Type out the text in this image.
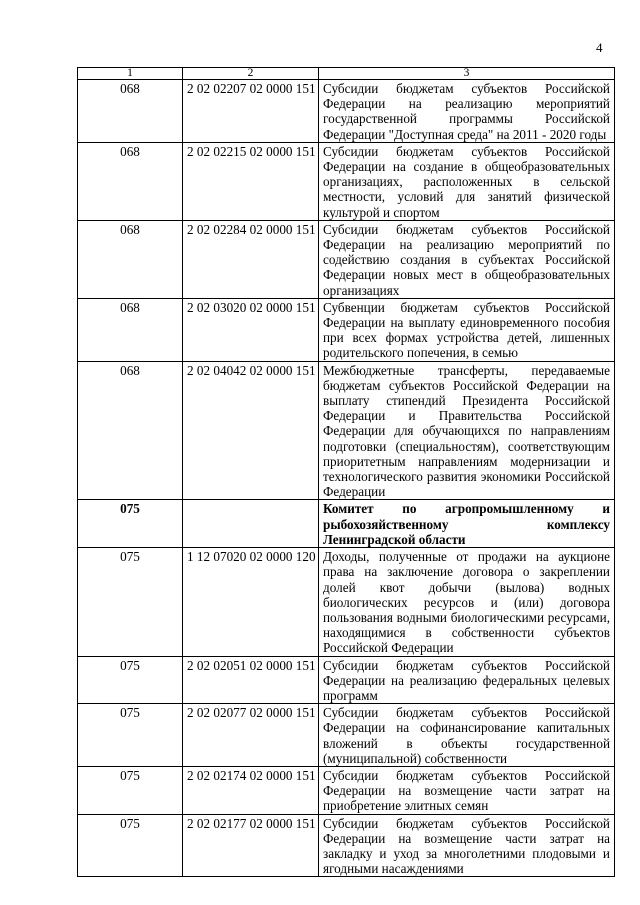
4
1	2	3
068	2 02 02207 02 0000 151	Субсидии бюджетам субъектов Российской Федерации на реализацию мероприятий государственной программы Российской Федерации "Доступная среда" на 2011 - 2020 годы
068	2 02 02215 02 0000 151	Субсидии бюджетам субъектов Российской Федерации на создание в общеобразовательных организациях, расположенных в сельской местности, условий для занятий физической культурой и спортом
068	2 02 02284 02 0000 151	Субсидии бюджетам субъектов Российской Федерации на реализацию мероприятий по содействию создания в субъектах Российской Федерации новых мест в общеобразовательных организациях
068	2 02 03020 02 0000 151	Субвенции бюджетам субъектов Российской Федерации на выплату единовременного пособия при всех формах устройства детей, лишенных родительского попечения, в семью
068	2 02 04042 02 0000 151	Межбюджетные трансферты, передаваемые бюджетам субъектов Российской Федерации на выплату стипендий Президента Российской Федерации и Правительства Российской Федерации для обучающихся по направлениям подготовки (специальностям), соответствующим приоритетным направлениям модернизации и технологического развития экономики Российской Федерации
075		Комитет по агропромышленному и рыбохозяйственному комплексу Ленинградской области
075	1 12 07020 02 0000 120	Доходы, полученные от продажи на аукционе права на заключение договора о закреплении долей квот добычи (вылова) водных биологических ресурсов и (или) договора пользования водными биологическими ресурсами, находящимися в собственности субъектов Российской Федерации
075	2 02 02051 02 0000 151	Субсидии бюджетам субъектов Российской Федерации на реализацию федеральных целевых программ
075	2 02 02077 02 0000 151	Субсидии бюджетам субъектов Российской Федерации на софинансирование капитальных вложений в объекты государственной (муниципальной) собственности
075	2 02 02174 02 0000 151	Субсидии бюджетам субъектов Российской Федерации на возмещение части затрат на приобретение элитных семян
075	2 02 02177 02 0000 151	Субсидии бюджетам субъектов Российской Федерации на возмещение части затрат на закладку и уход за многолетними плодовыми и ягодными насаждениями
